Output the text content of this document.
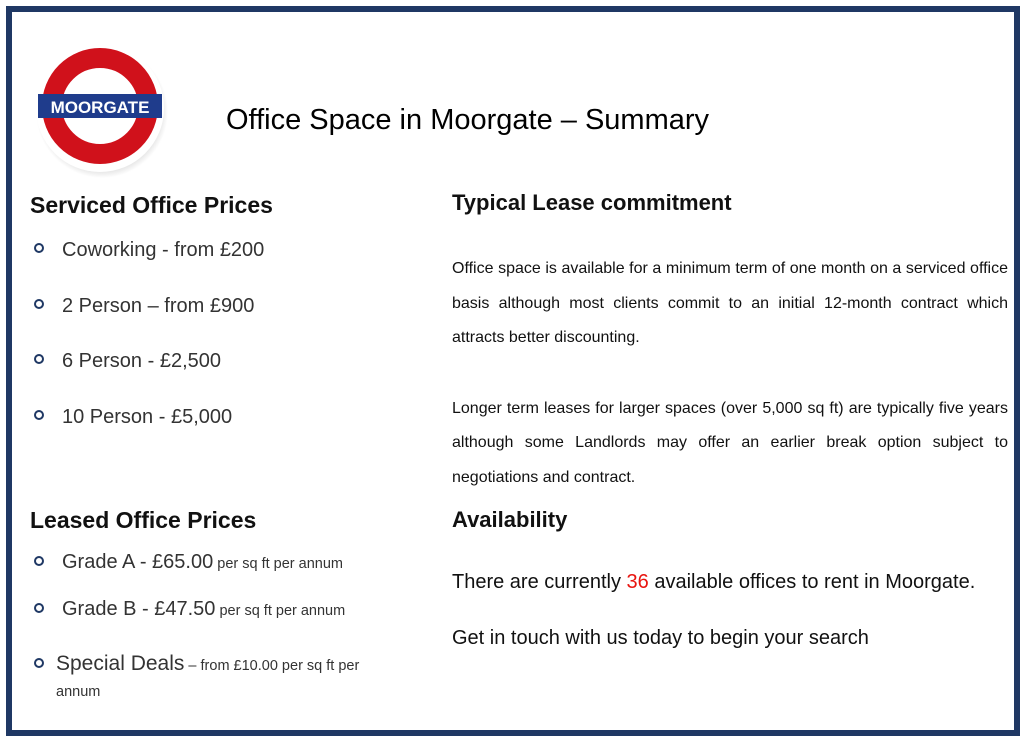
MOORGATE	Office Space in Moorgate – Summary
Serviced Office Prices
Coworking - from £200
2 Person – from £900
6 Person - £2,500
10 Person - £5,000
Leased Office Prices
Grade A - £65.00 per sq ft per annum
Grade B - £47.50 per sq ft per annum
Special Deals – from £10.00 per sq ft per annum
Typical Lease commitment

Office space is available for a minimum term of one month on a serviced office basis although most clients commit to an initial 12-month contract which attracts better discounting.

Longer term leases for larger spaces (over 5,000 sq ft) are typically five years although some Landlords may offer an earlier break option subject to negotiations and contract.

Availability

There are currently 36 available offices to rent in Moorgate.

Get in touch with us today to begin your search
